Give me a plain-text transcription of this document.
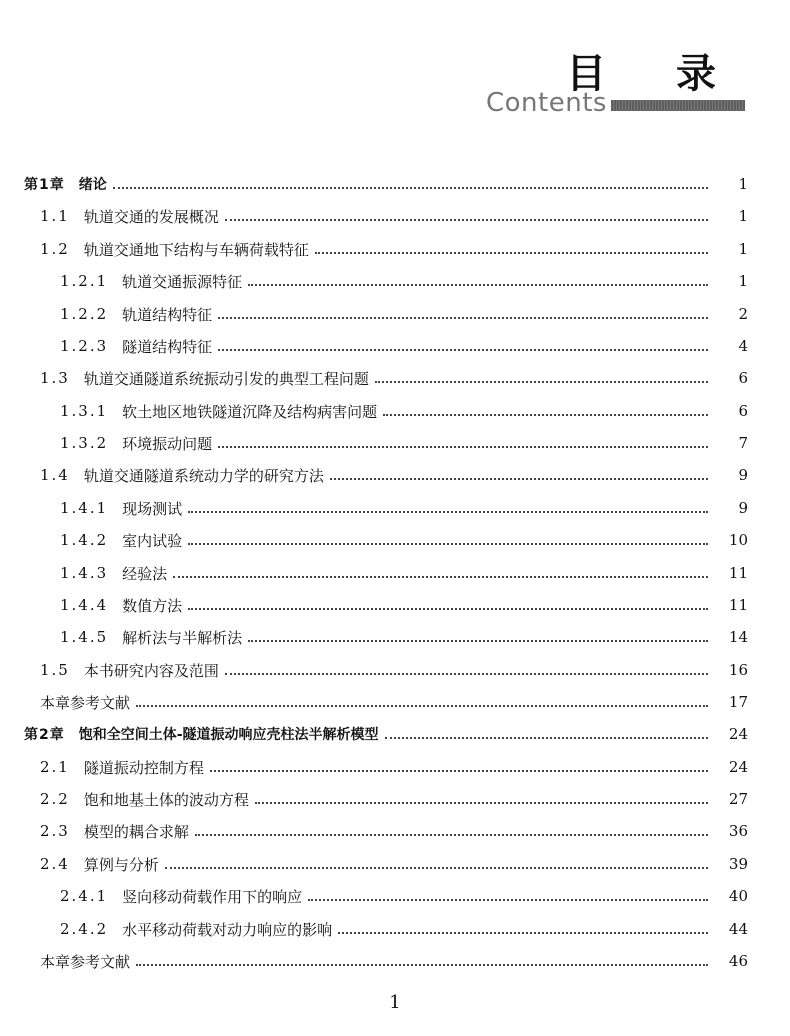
目 录
Contents
第1章	绪论	1
1.1 轨道交通的发展概况	1
1.2 轨道交通地下结构与车辆荷载特征	1
1.2.1 轨道交通振源特征	1
1.2.2 轨道结构特征	2
1.2.3 隧道结构特征	4
1.3 轨道交通隧道系统振动引发的典型工程问题	6
1.3.1 软土地区地铁隧道沉降及结构病害问题	6
1.3.2 环境振动问题	7
1.4 轨道交通隧道系统动力学的研究方法	9
1.4.1 现场测试	9
1.4.2 室内试验	10
1.4.3 经验法	11
1.4.4 数值方法	11
1.4.5 解析法与半解析法	14
1.5 本书研究内容及范围	16
本章参考文献	17
第2章	饱和全空间土体-隧道振动响应壳柱法半解析模型	24
2.1 隧道振动控制方程	24
2.2 饱和地基土体的波动方程	27
2.3 模型的耦合求解	36
2.4 算例与分析	39
2.4.1 竖向移动荷载作用下的响应	40
2.4.2 水平移动荷载对动力响应的影响	44
本章参考文献	46
1
